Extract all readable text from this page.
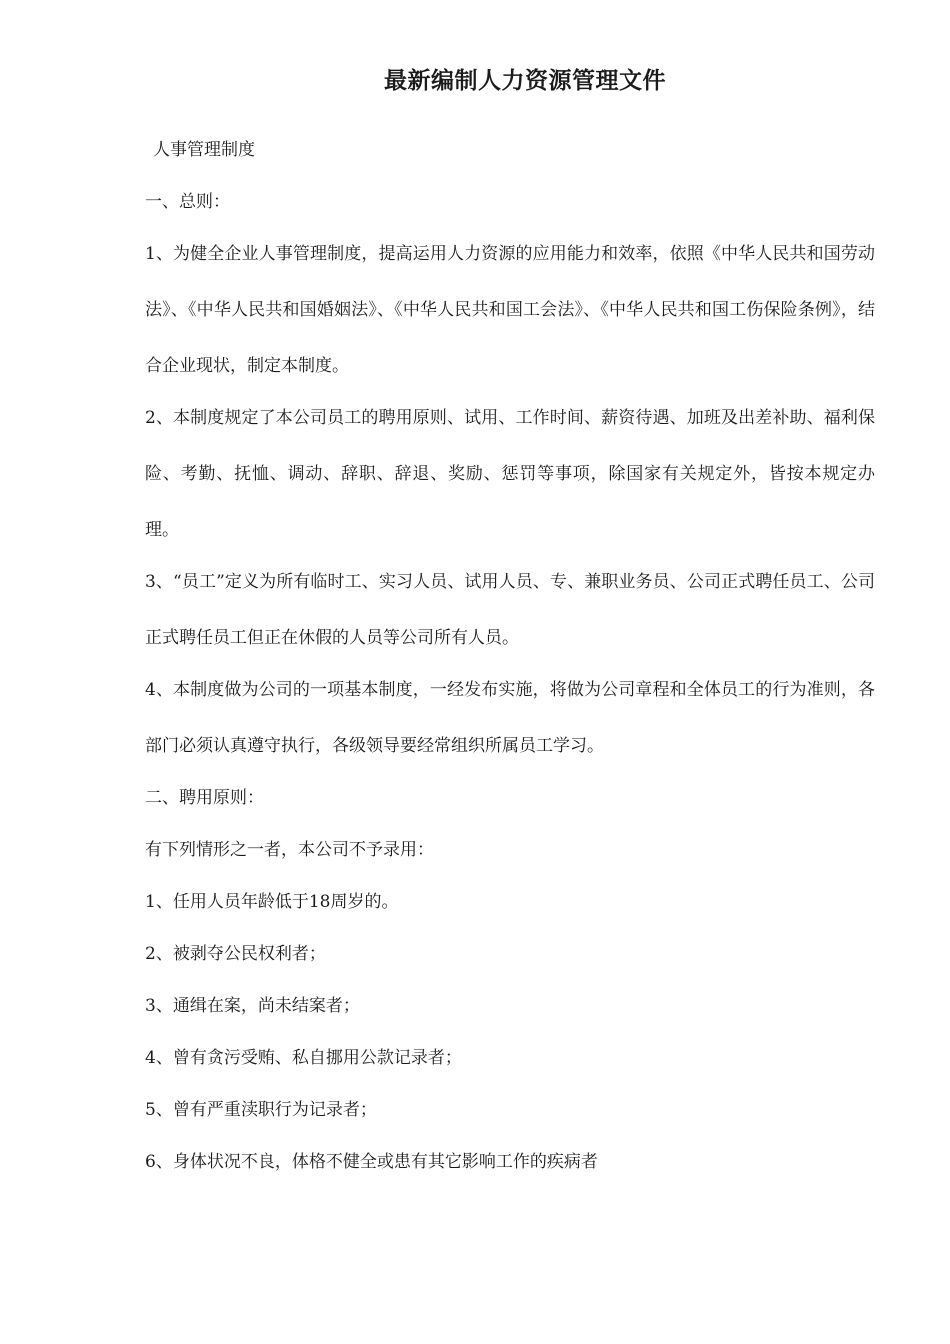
最新编制人力资源管理文件
人事管理制度
一、总则：
1、为健全企业人事管理制度，提高运用人力资源的应用能力和效率，依照《中华人民共和国劳动法》、《中华人民共和国婚姻法》、《中华人民共和国工会法》、《中华人民共和国工伤保险条例》，结合企业现状，制定本制度。
2、本制度规定了本公司员工的聘用原则、试用、工作时间、薪资待遇、加班及出差补助、福利保险、考勤、抚恤、调动、辞职、辞退、奖励、惩罚等事项，除国家有关规定外，皆按本规定办理。
3、“员工”定义为所有临时工、实习人员、试用人员、专、兼职业务员、公司正式聘任员工、公司正式聘任员工但正在休假的人员等公司所有人员。
4、本制度做为公司的一项基本制度，一经发布实施，将做为公司章程和全体员工的行为准则，各部门必须认真遵守执行，各级领导要经常组织所属员工学习。
二、聘用原则：
有下列情形之一者，本公司不予录用：
1、任用人员年龄低于18周岁的。
2、被剥夺公民权利者；
3、通缉在案，尚未结案者；
4、曾有贪污受贿、私自挪用公款记录者；
5、曾有严重渎职行为记录者；
6、身体状况不良，体格不健全或患有其它影响工作的疾病者
